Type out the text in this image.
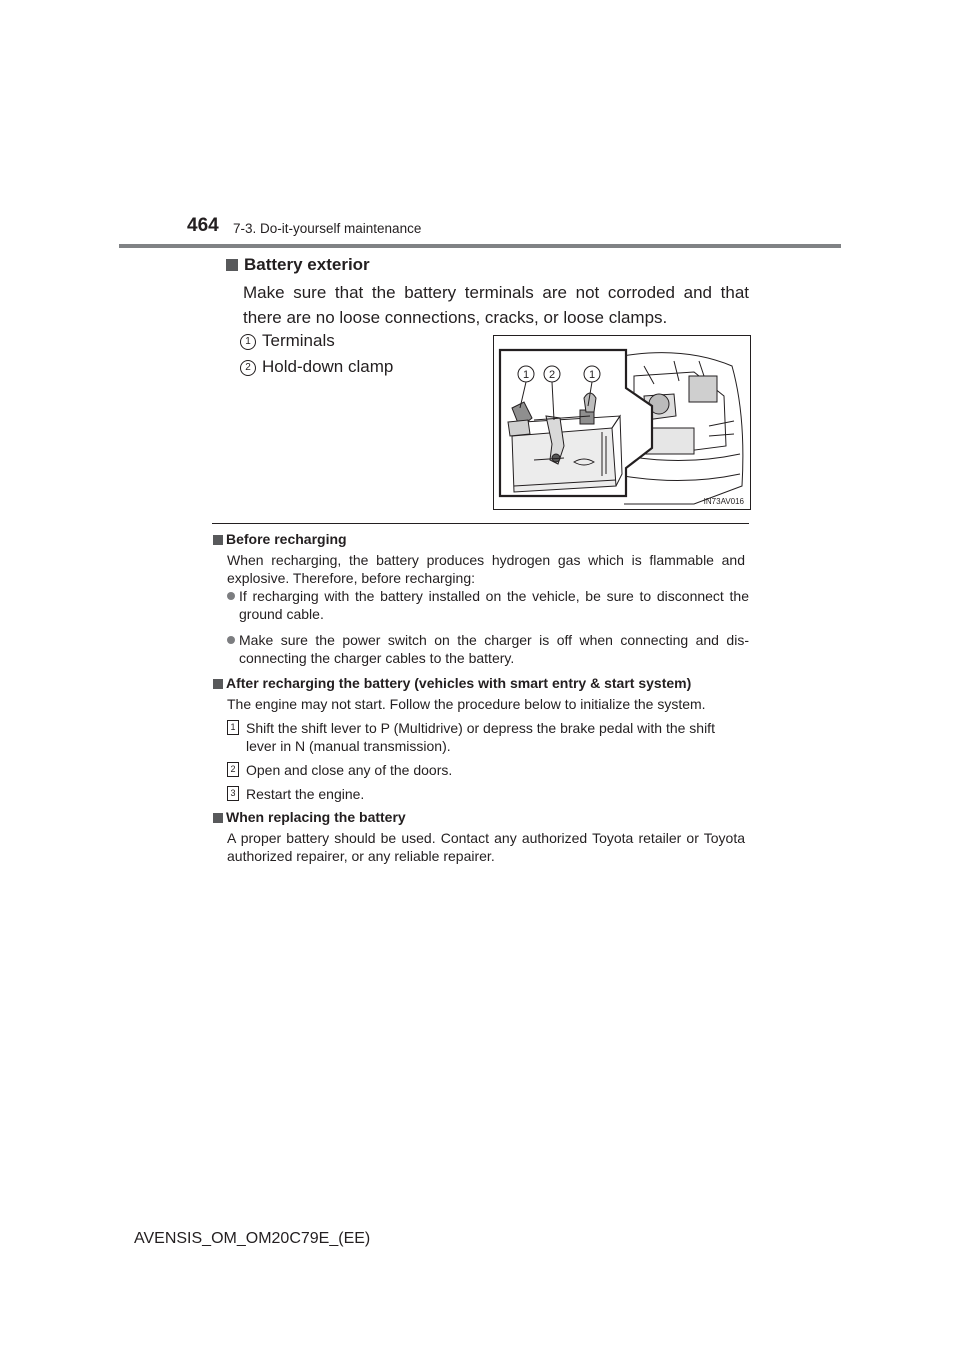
464 7-3. Do-it-yourself maintenance
Battery exterior
Make sure that the battery terminals are not corroded and that there are no loose connections, cracks, or loose clamps.
1 Terminals
2 Hold-down clamp	1 2	1
IN73AV016
Before recharging
When recharging, the battery produces hydrogen gas which is flammable and explosive. Therefore, before recharging:
If recharging with the battery installed on the vehicle, be sure to disconnect the ground cable.
Make sure the power switch on the charger is off when connecting and dis-connecting the charger cables to the battery.
After recharging the battery (vehicles with smart entry & start system)
The engine may not start. Follow the procedure below to initialize the system.
1 Shift the shift lever to P (Multidrive) or depress the brake pedal with the shift lever in N (manual transmission).
2 Open and close any of the doors.
3 Restart the engine.
When replacing the battery
A proper battery should be used. Contact any authorized Toyota retailer or Toyota authorized repairer, or any reliable repairer.
AVENSIS_OM_OM20C79E_(EE)
